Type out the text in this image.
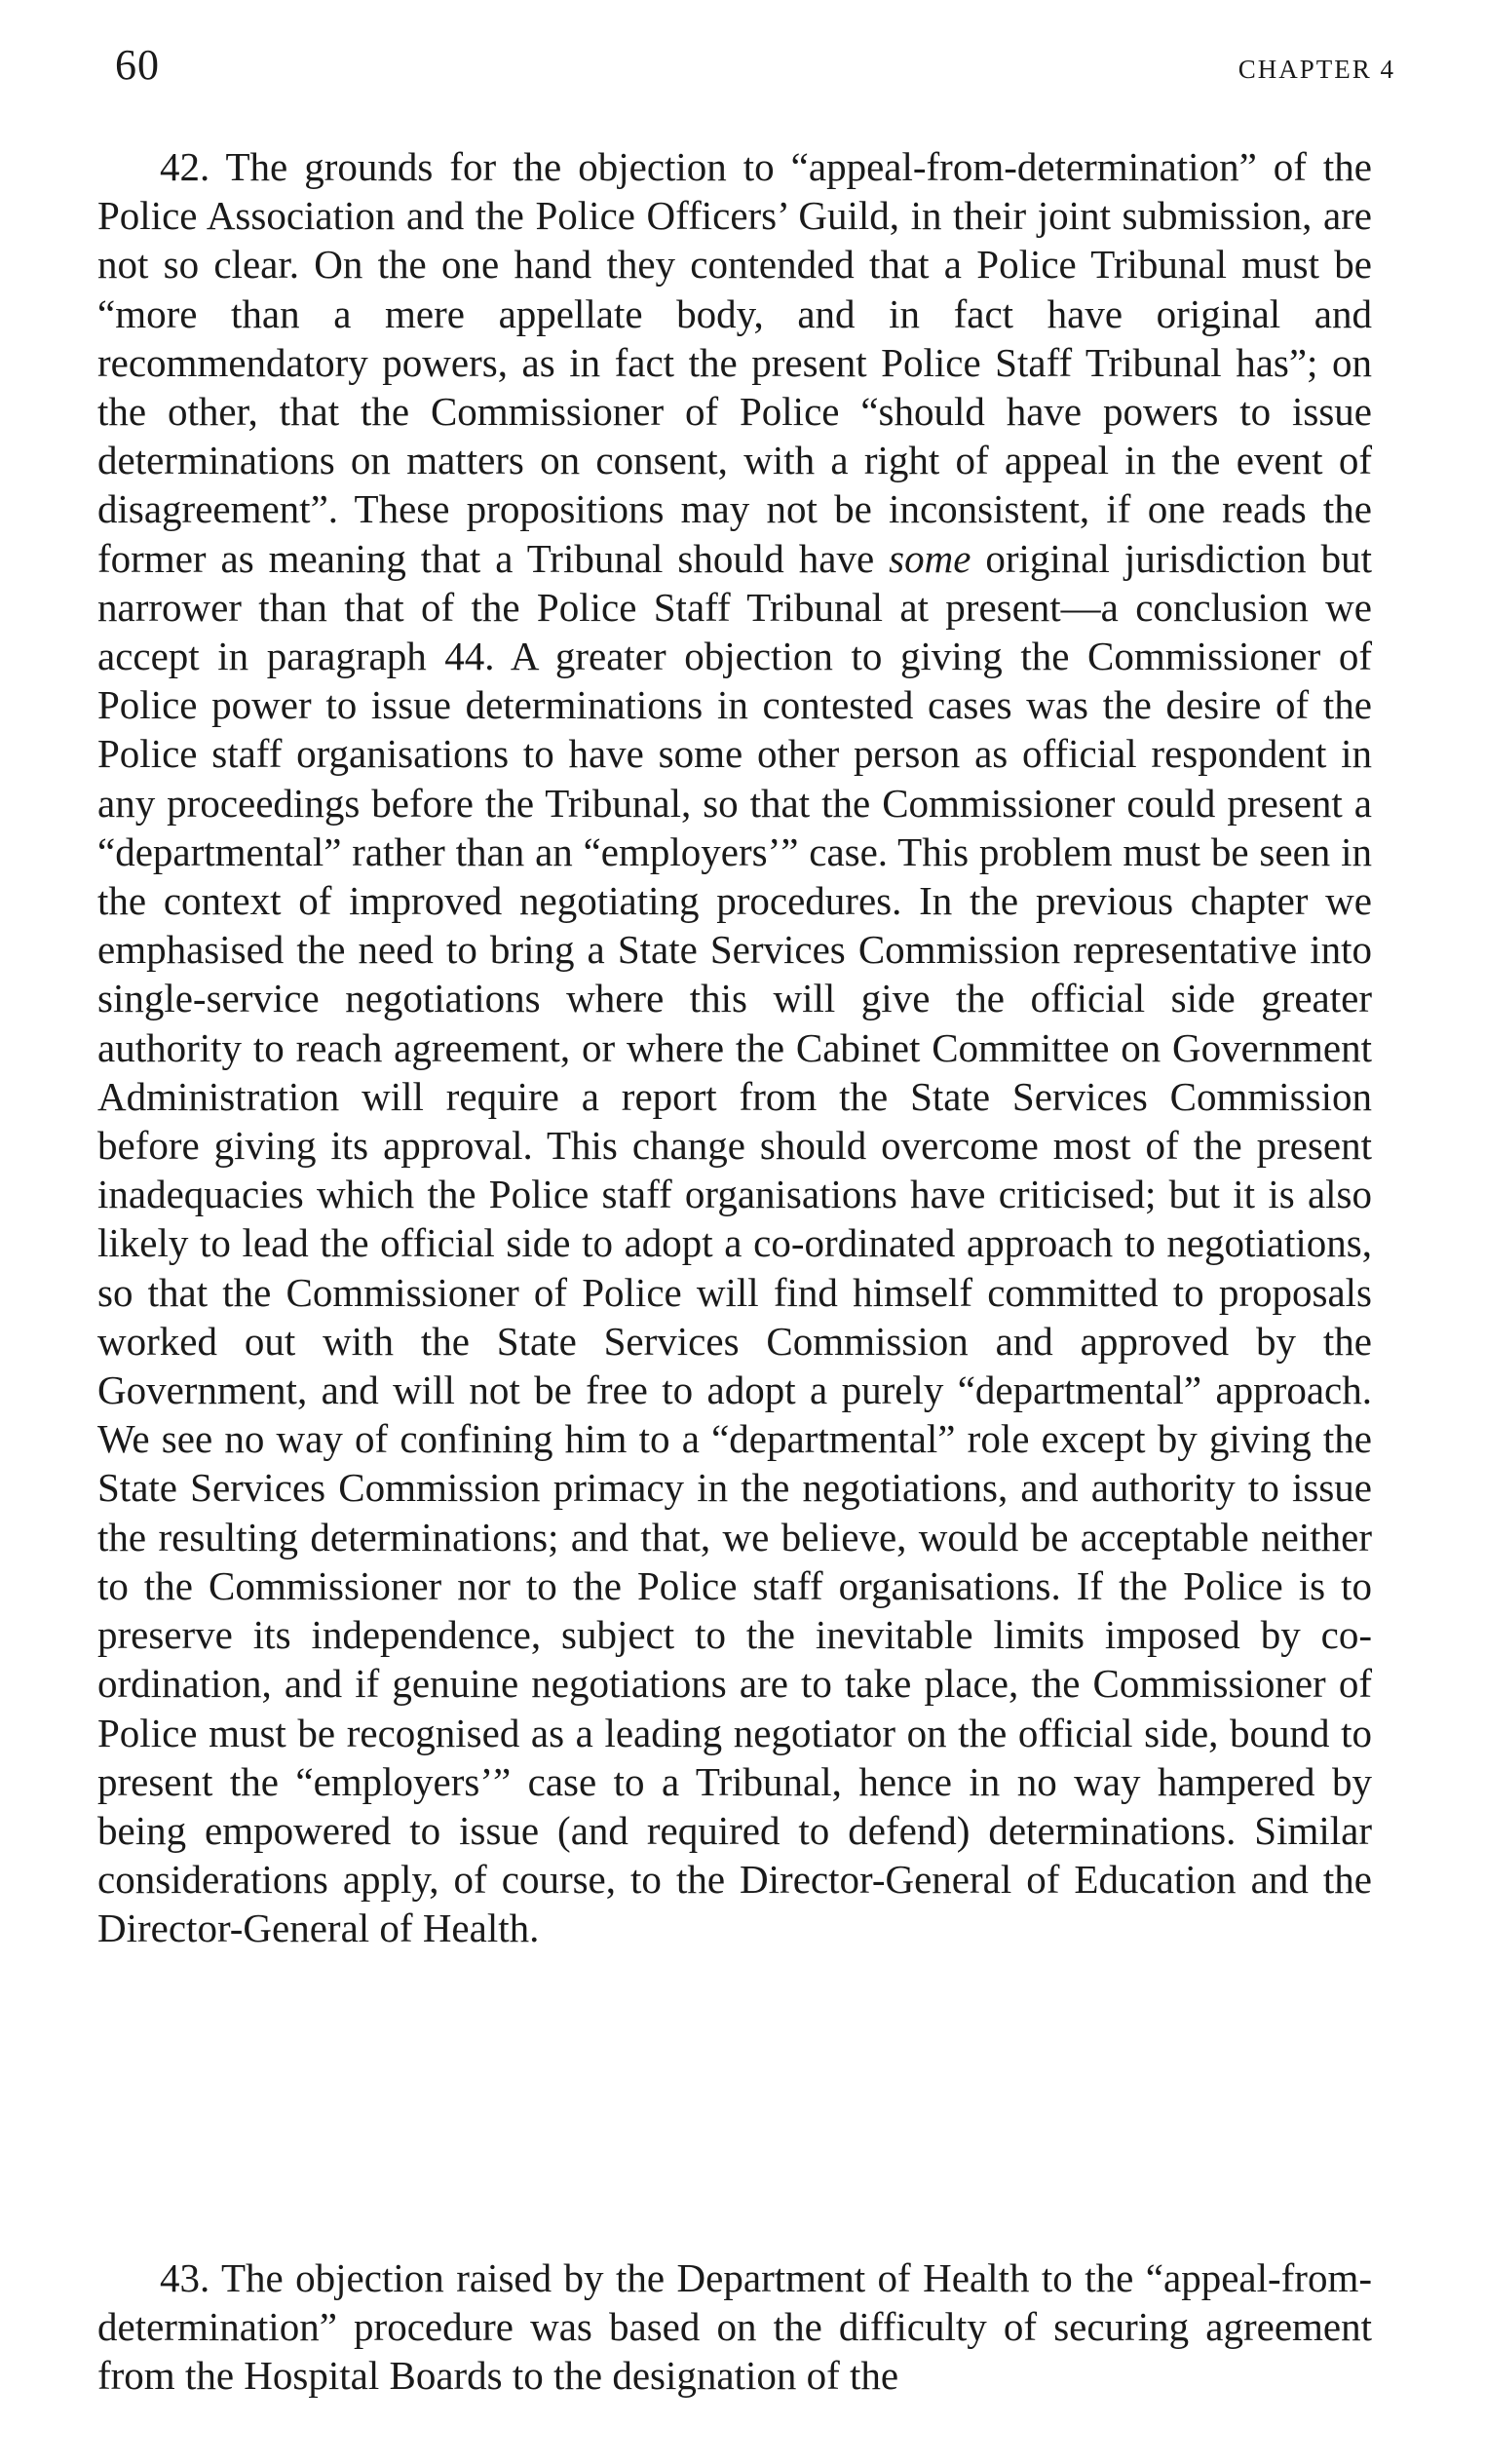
60	CHAPTER 4

42. The grounds for the objection to “appeal-from-determination” of the Police Association and the Police Officers’ Guild, in their joint submission, are not so clear. On the one hand they contended that a Police Tribunal must be “more than a mere appellate body, and in fact have original and recommendatory powers, as in fact the present Police Staff Tribunal has”; on the other, that the Commissioner of Police “should have powers to issue determinations on matters on consent, with a right of appeal in the event of disagreement”. These propositions may not be inconsistent, if one reads the former as meaning that a Tribunal should have some original jurisdiction but narrower than that of the Police Staff Tribunal at present—a conclusion we accept in paragraph 44. A greater objection to giving the Commissioner of Police power to issue determinations in contested cases was the desire of the Police staff organisations to have some other person as official respondent in any proceedings before the Tribunal, so that the Commissioner could present a “departmental” rather than an “employers’” case. This problem must be seen in the context of improved negotiating procedures. In the previous chapter we emphasised the need to bring a State Services Commission representative into single-service negotiations where this will give the official side greater authority to reach agreement, or where the Cabinet Committee on Government Administration will require a report from the State Services Commission before giving its approval. This change should overcome most of the present inadequacies which the Police staff organisations have criticised; but it is also likely to lead the official side to adopt a co-ordinated approach to negotiations, so that the Commissioner of Police will find himself committed to proposals worked out with the State Services Commission and approved by the Government, and will not be free to adopt a purely “departmental” approach. We see no way of confining him to a “departmental” role except by giving the State Services Commission primacy in the negotiations, and authority to issue the resulting determinations; and that, we believe, would be acceptable neither to the Commissioner nor to the Police staff organisations. If the Police is to preserve its independence, subject to the inevitable limits imposed by co-ordination, and if genuine negotiations are to take place, the Commissioner of Police must be recognised as a leading negotiator on the official side, bound to present the “employers’” case to a Tribunal, hence in no way hampered by being empowered to issue (and required to defend) determinations. Similar considerations apply, of course, to the Director-General of Education and the Director-General of Health.

43. The objection raised by the Department of Health to the “appeal-from-determination” procedure was based on the difficulty of securing agreement from the Hospital Boards to the designation of the
